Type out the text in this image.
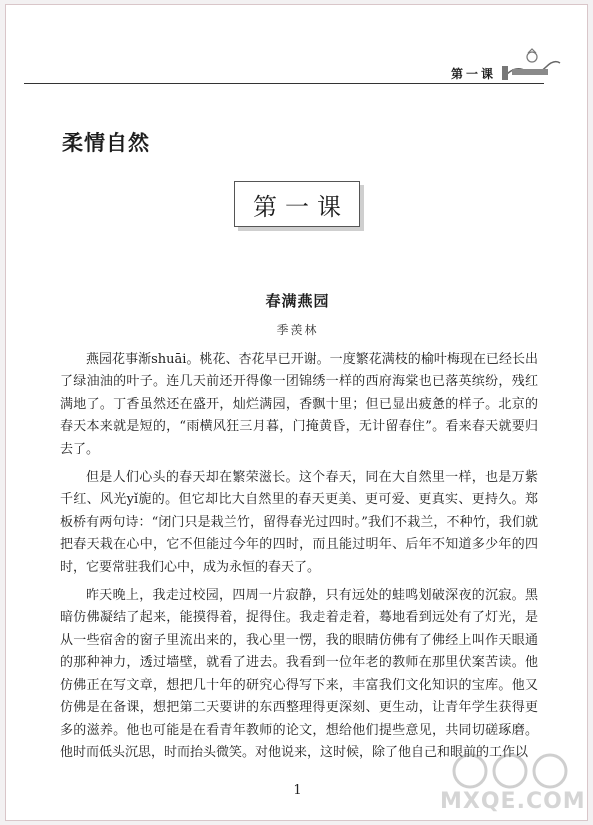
第一课
柔情自然
第一课
春满燕园
季羡林

燕园花事渐shuāi。桃花、杏花早已开谢。一度繁花满枝的榆叶梅现在已经长出了绿油油的叶子。连几天前还开得像一团锦绣一样的西府海棠也已落英缤纷，残红满地了。丁香虽然还在盛开，灿烂满园，香飘十里；但已显出疲惫的样子。北京的春天本来就是短的，“雨横风狂三月暮，门掩黄昏，无计留春住”。看来春天就要归去了。

但是人们心头的春天却在繁荣滋长。这个春天，同在大自然里一样，也是万紫千红、风光yǐ旎的。但它却比大自然里的春天更美、更可爱、更真实、更持久。郑板桥有两句诗：“闭门只是栽兰竹，留得春光过四时。”我们不栽兰，不种竹，我们就把春天栽在心中，它不但能过今年的四时，而且能过明年、后年不知道多少年的四时，它要常驻我们心中，成为永恒的春天了。

昨天晚上，我走过校园，四周一片寂静，只有远处的蛙鸣划破深夜的沉寂。黑暗仿佛凝结了起来，能摸得着，捉得住。我走着走着，蓦地看到远处有了灯光，是从一些宿舍的窗子里流出来的，我心里一愣，我的眼睛仿佛有了佛经上叫作天眼通的那种神力，透过墙壁，就看了进去。我看到一位年老的教师在那里伏案苦读。他仿佛正在写文章，想把几十年的研究心得写下来，丰富我们文化知识的宝库。他又仿佛是在备课，想把第二天要讲的东西整理得更深刻、更生动，让青年学生获得更多的滋养。他也可能是在看青年教师的论文，想给他们提些意见，共同切磋琢磨。他时而低头沉思，时而抬头微笑。对他说来，这时候，除了他自己和眼前的工作以

1	MXQE.COM
